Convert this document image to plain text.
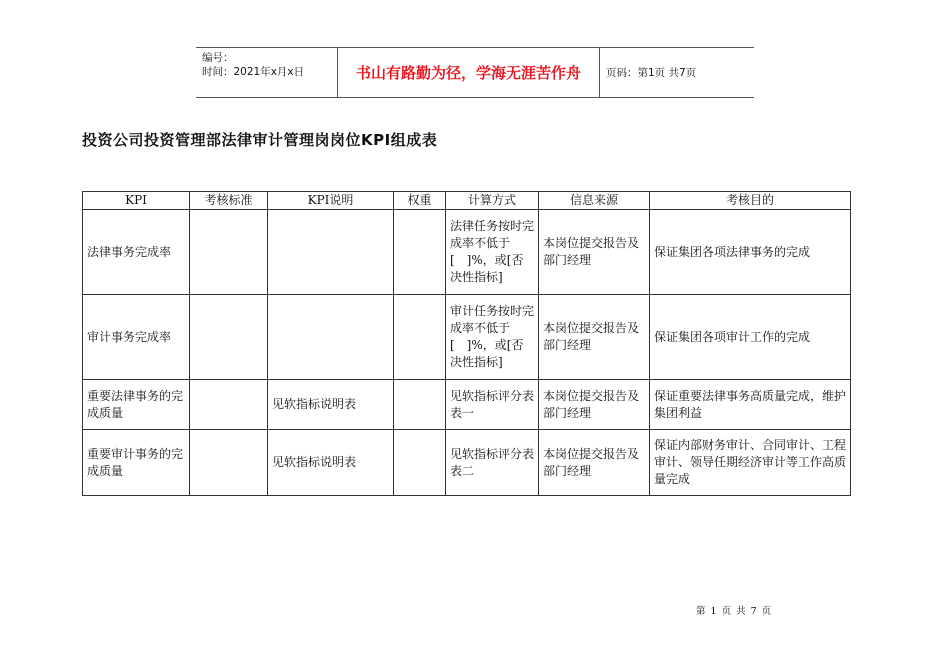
编号：
时间：2021年x月x日	书山有路勤为径，学海无涯苦作舟	页码：第1页 共7页
投资公司投资管理部法律审计管理岗岗位KPI组成表
KPI	考核标准	KPI说明	权重	计算方式	信息来源	考核目的
法律事务完成率				法律任务按时完成率不低于[　]%，或[否决性指标]	本岗位提交报告及部门经理	保证集团各项法律事务的完成
审计事务完成率				审计任务按时完成率不低于[　]%，或[否决性指标]	本岗位提交报告及部门经理	保证集团各项审计工作的完成
重要法律事务的完成质量		见软指标说明表		见软指标评分表表一	本岗位提交报告及部门经理	保证重要法律事务高质量完成，维护集团利益
重要审计事务的完成质量		见软指标说明表		见软指标评分表表二	本岗位提交报告及部门经理	保证内部财务审计、合同审计、工程审计、领导任期经济审计等工作高质量完成
第 1 页 共 7 页
